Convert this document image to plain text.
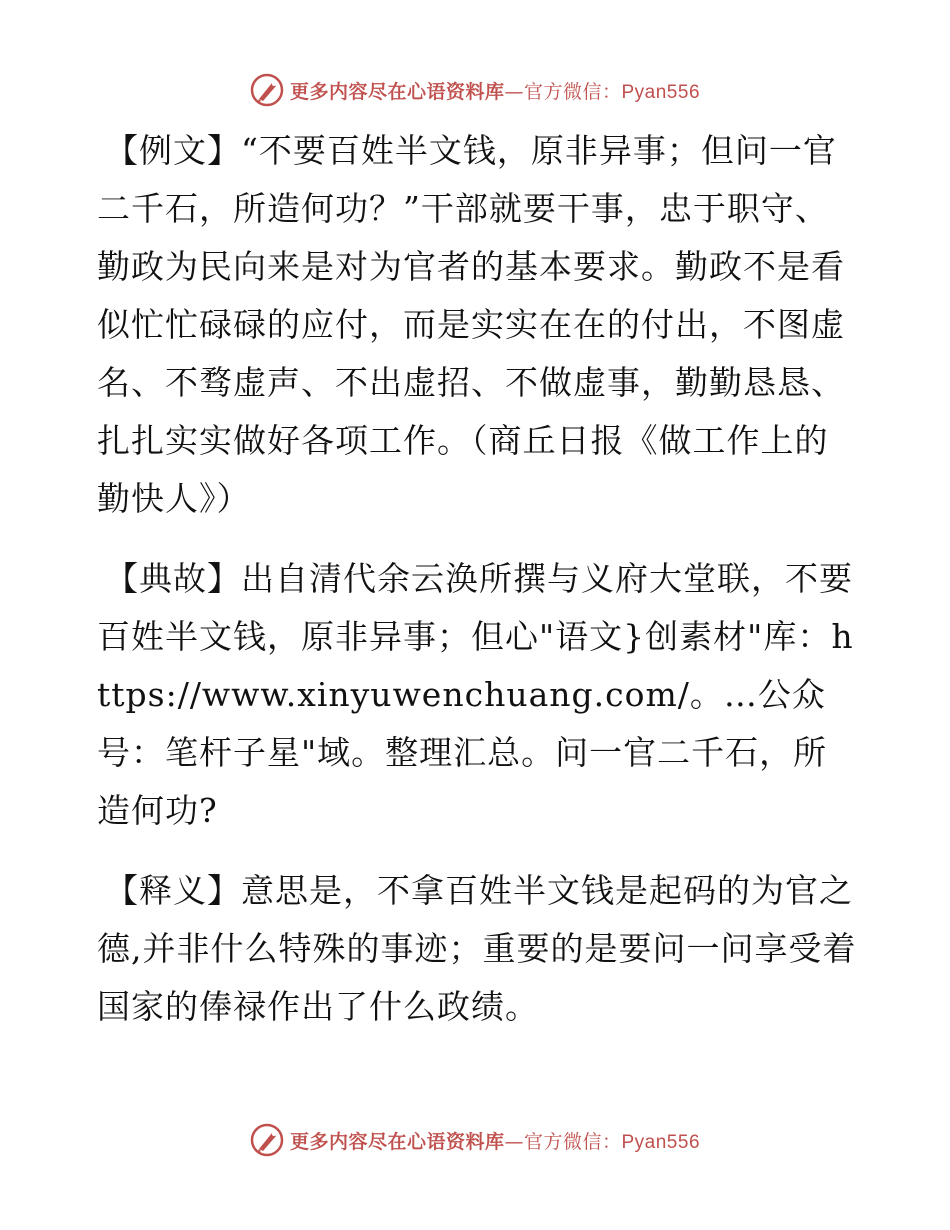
更多内容尽在心语资料库—官方微信：Pyan556

【例文】“不要百姓半文钱，原非异事；但问一官二千石，所造何功？”干部就要干事，忠于职守、勤政为民向来是对为官者的基本要求。勤政不是看似忙忙碌碌的应付，而是实实在在的付出，不图虚名、不骛虚声、不出虚招、不做虚事，勤勤恳恳、扎扎实实做好各项工作。（商丘日报《做工作上的勤快人》）

【典故】出自清代余云涣所撰与义府大堂联，不要百姓半文钱，原非异事；但心"语文}创素材"库：https://www.xinyuwenchuang.com/。…公众号：笔杆子星"域。整理汇总。问一官二千石，所造何功?

【释义】意思是，不拿百姓半文钱是起码的为官之德,并非什么特殊的事迹；重要的是要问一问享受着国家的俸禄作出了什么政绩。

更多内容尽在心语资料库—官方微信：Pyan556
